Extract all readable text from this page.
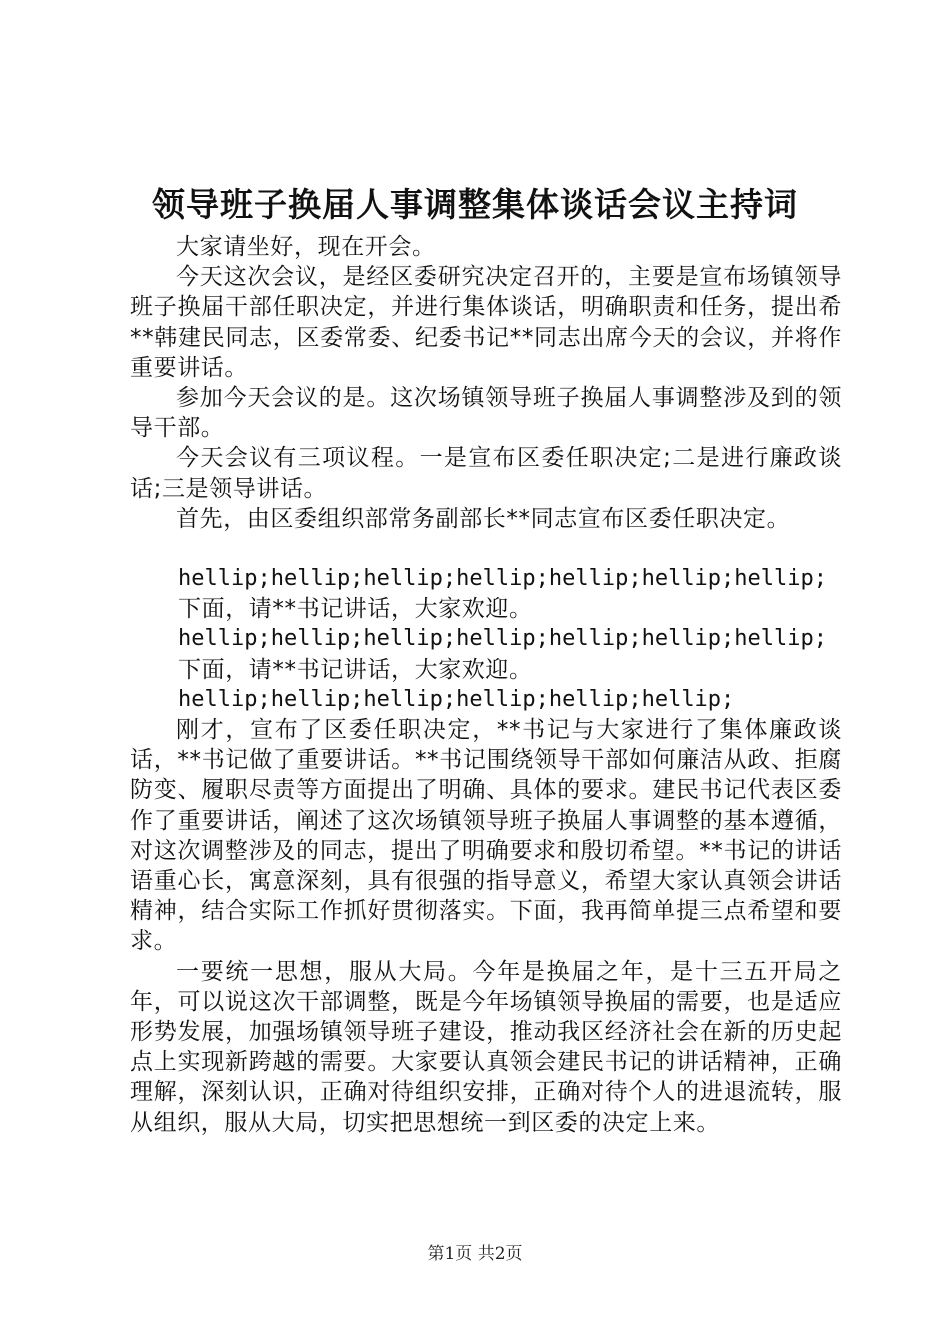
领导班子换届人事调整集体谈话会议主持词

大家请坐好，现在开会。

今天这次会议，是经区委研究决定召开的，主要是宣布场镇领导班子换届干部任职决定，并进行集体谈话，明确职责和任务，提出希**韩建民同志，区委常委、纪委书记**同志出席今天的会议，并将作重要讲话。

参加今天会议的是。这次场镇领导班子换届人事调整涉及到的领导干部。

今天会议有三项议程。一是宣布区委任职决定;二是进行廉政谈话;三是领导讲话。

首先，由区委组织部常务副部长**同志宣布区委任职决定。

hellip;hellip;hellip;hellip;hellip;hellip;hellip;

下面，请**书记讲话，大家欢迎。

hellip;hellip;hellip;hellip;hellip;hellip;hellip;

下面，请**书记讲话，大家欢迎。

hellip;hellip;hellip;hellip;hellip;hellip;

刚才，宣布了区委任职决定，**书记与大家进行了集体廉政谈话，**书记做了重要讲话。**书记围绕领导干部如何廉洁从政、拒腐防变、履职尽责等方面提出了明确、具体的要求。建民书记代表区委作了重要讲话，阐述了这次场镇领导班子换届人事调整的基本遵循，对这次调整涉及的同志，提出了明确要求和殷切希望。**书记的讲话语重心长，寓意深刻，具有很强的指导意义，希望大家认真领会讲话精神，结合实际工作抓好贯彻落实。下面，我再简单提三点希望和要求。

一要统一思想，服从大局。今年是换届之年，是十三五开局之年，可以说这次干部调整，既是今年场镇领导换届的需要，也是适应形势发展，加强场镇领导班子建设，推动我区经济社会在新的历史起点上实现新跨越的需要。大家要认真领会建民书记的讲话精神，正确理解，深刻认识，正确对待组织安排，正确对待个人的进退流转，服从组织，服从大局，切实把思想统一到区委的决定上来。

第1页 共2页
